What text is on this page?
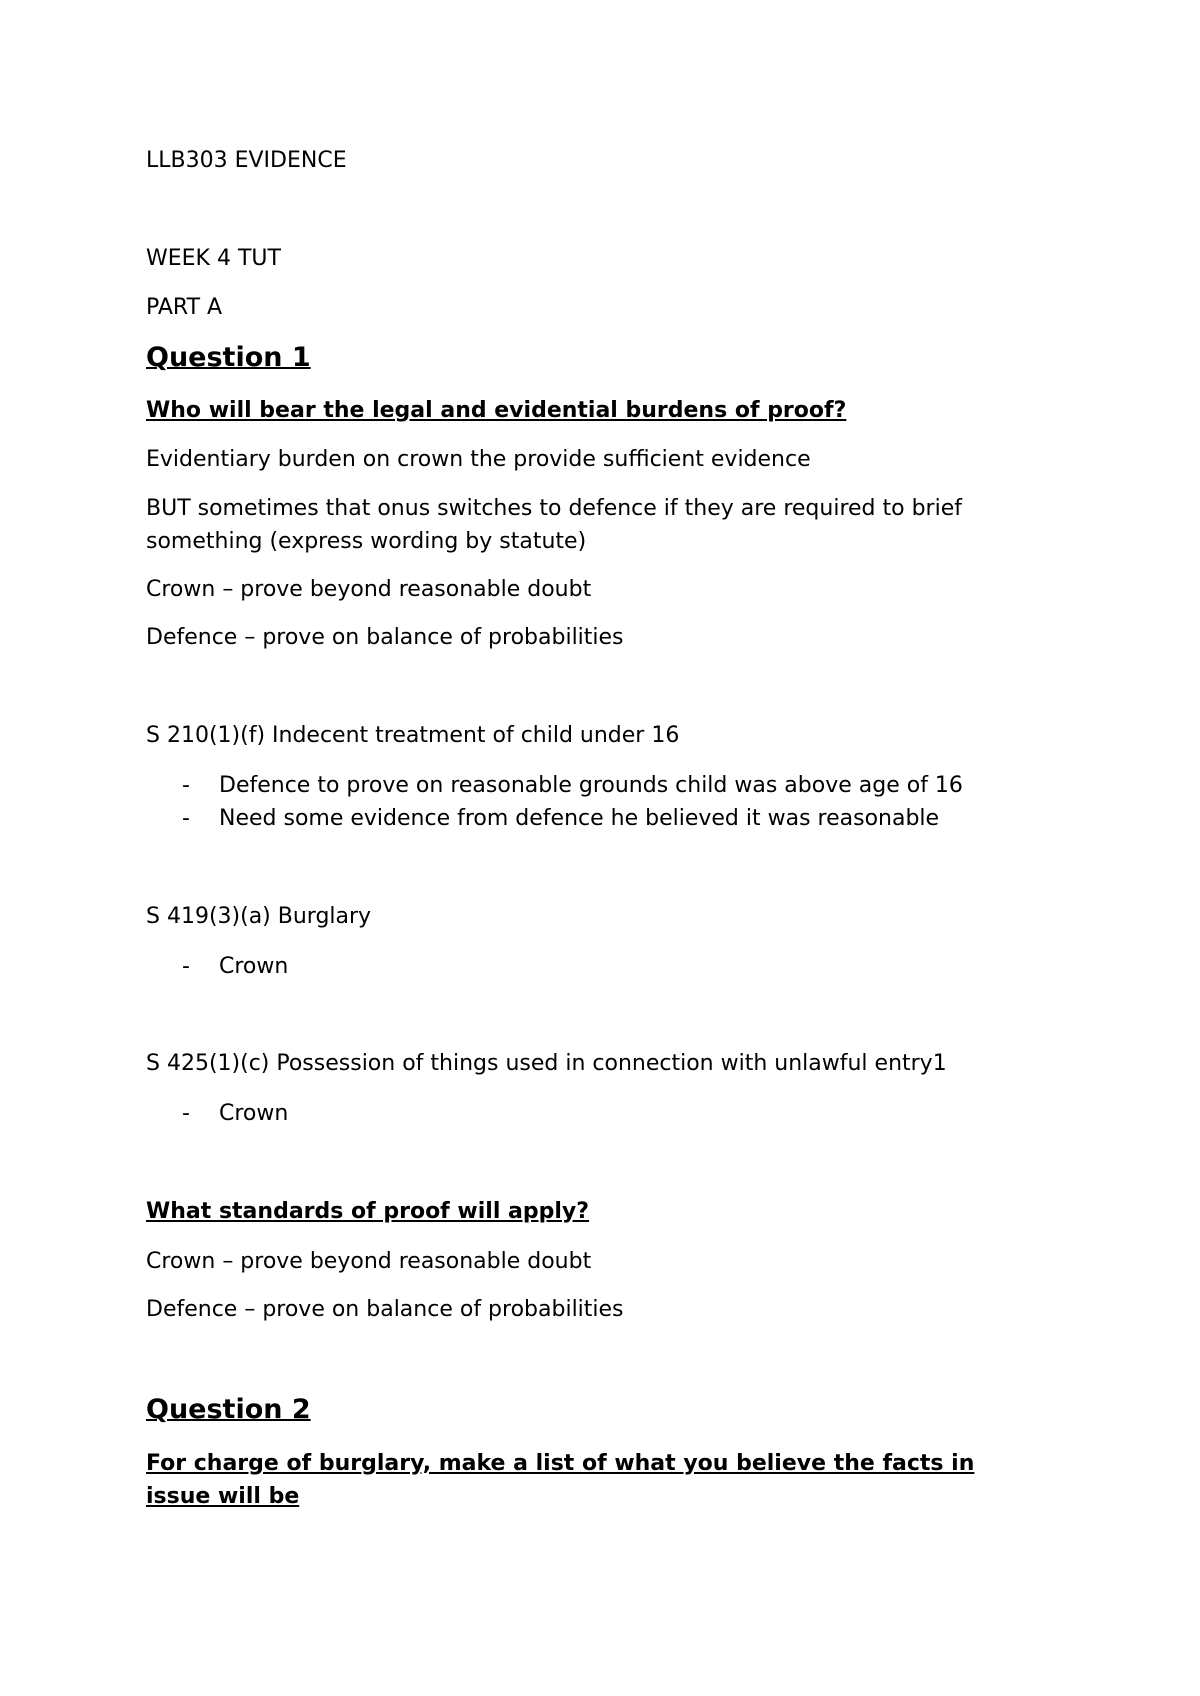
LLB303 EVIDENCE
WEEK 4 TUT
PART A
Question 1
Who will bear the legal and evidential burdens of proof?
Evidentiary burden on crown the provide sufficient evidence
BUT sometimes that onus switches to defence if they are required to brief something (express wording by statute)
Crown – prove beyond reasonable doubt
Defence – prove on balance of probabilities
S 210(1)(f) Indecent treatment of child under 16
- Defence to prove on reasonable grounds child was above age of 16
- Need some evidence from defence he believed it was reasonable
S 419(3)(a) Burglary
- Crown
S 425(1)(c) Possession of things used in connection with unlawful entry1
- Crown
What standards of proof will apply?
Crown – prove beyond reasonable doubt
Defence – prove on balance of probabilities
Question 2
For charge of burglary, make a list of what you believe the facts in issue will be
